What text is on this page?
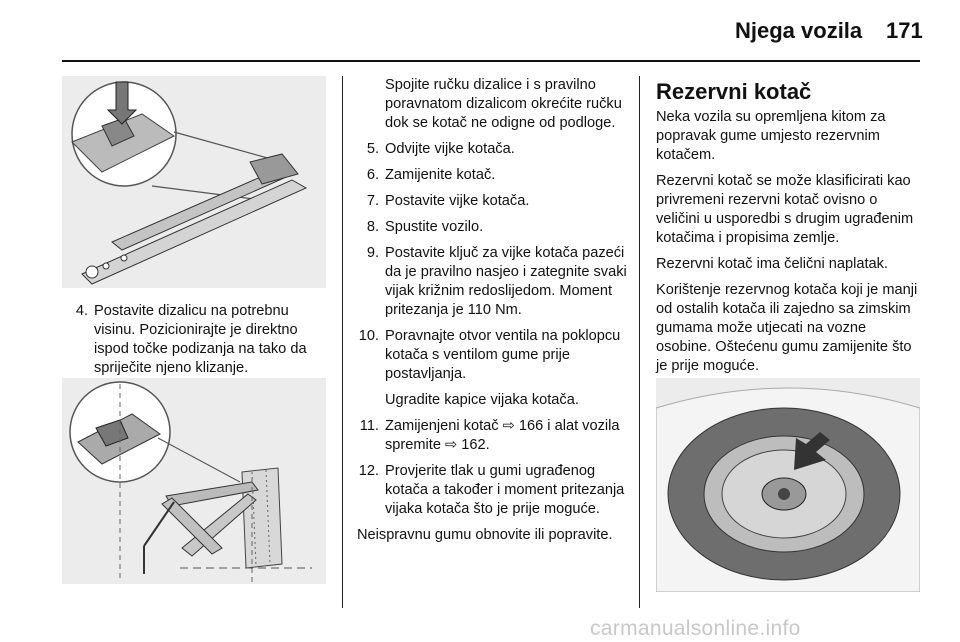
Njega vozila 171
4. Postavite dizalicu na potrebnu visinu. Pozicionirajte je direktno ispod točke podizanja na tako da spriječite njeno klizanje.
Spojite ručku dizalice i s pravilno poravnatom dizalicom okrećite ručku dok se kotač ne odigne od podloge.
5. Odvijte vijke kotača.
6. Zamijenite kotač.
7. Postavite vijke kotača.
8. Spustite vozilo.
9. Postavite ključ za vijke kotača pazeći da je pravilno nasjeo i zategnite svaki vijak križnim redoslijedom. Moment pritezanja je 110 Nm.
10. Poravnajte otvor ventila na poklopcu kotača s ventilom gume prije postavljanja.
Ugradite kapice vijaka kotača.
11. Zamijenjeni kotač ⇨ 166 i alat vozila spremite ⇨ 162.
12. Provjerite tlak u gumi ugrađenog kotača a također i moment pritezanja vijaka kotača što je prije moguće.
Neispravnu gumu obnovite ili popravite.
Rezervni kotač
Neka vozila su opremljena kitom za popravak gume umjesto rezervnim kotačem.
Rezervni kotač se može klasificirati kao privremeni rezervni kotač ovisno o veličini u usporedbi s drugim ugrađenim kotačima i propisima zemlje.
Rezervni kotač ima čelični naplatak.
Korištenje rezervnog kotača koji je manji od ostalih kotača ili zajedno sa zimskim gumama može utjecati na vozne osobine. Oštećenu gumu zamijenite što je prije moguće.
carmanualsonline.info
